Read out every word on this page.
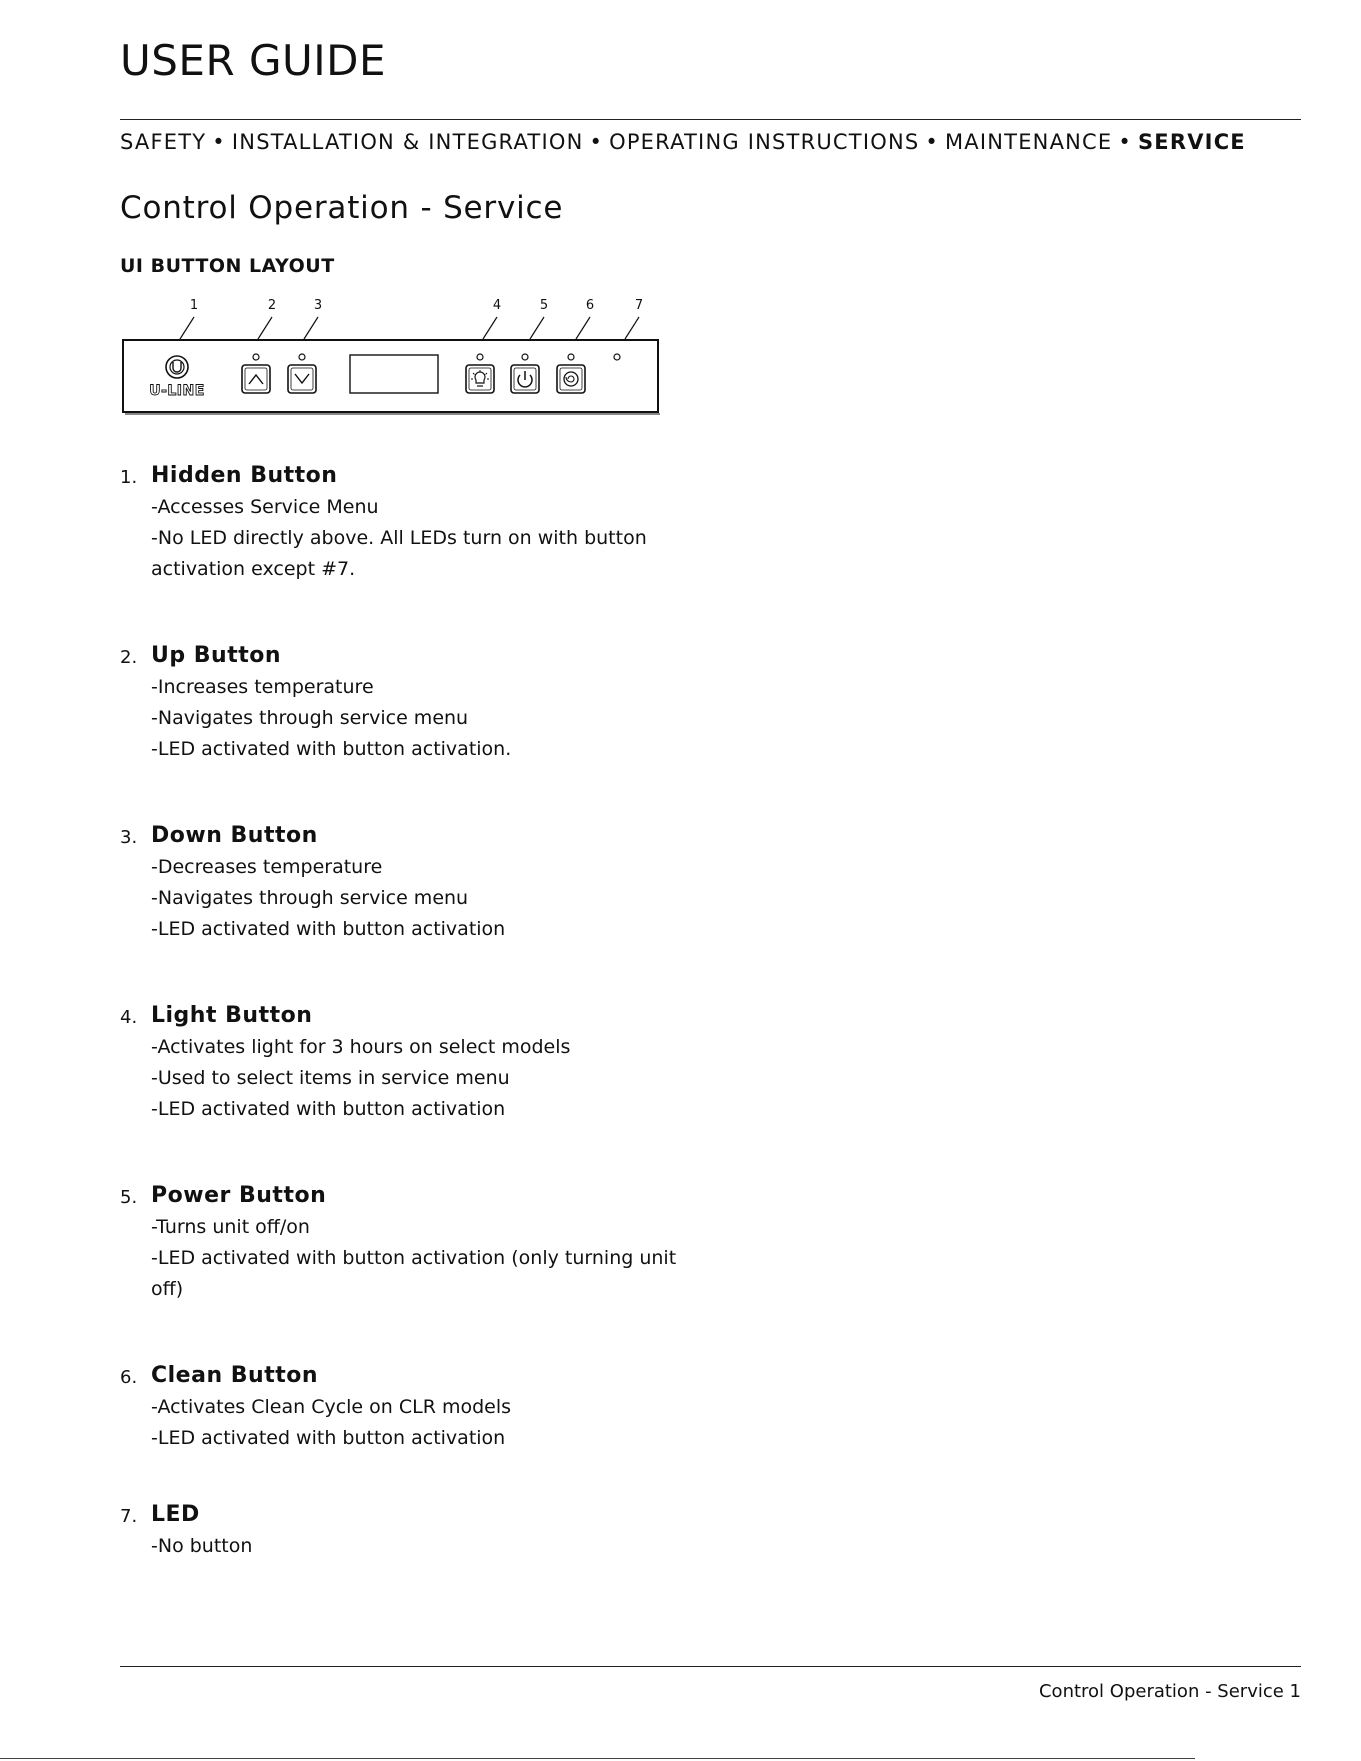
USER GUIDE
SAFETY • INSTALLATION & INTEGRATION • OPERATING INSTRUCTIONS • MAINTENANCE • SERVICE
Control Operation - Service
UI BUTTON LAYOUT
1	2	3	4	5	6	7
U-LINE
1. Hidden Button
-Accesses Service Menu
-No LED directly above. All LEDs turn on with button
activation except #7.
2. Up Button
-Increases temperature
-Navigates through service menu
-LED activated with button activation.
3. Down Button
-Decreases temperature
-Navigates through service menu
-LED activated with button activation
4. Light Button
-Activates light for 3 hours on select models
-Used to select items in service menu
-LED activated with button activation
5. Power Button
-Turns unit off/on
-LED activated with button activation (only turning unit
off)
6. Clean Button
-Activates Clean Cycle on CLR models
-LED activated with button activation
7. LED
-No button
Control Operation - Service 1
